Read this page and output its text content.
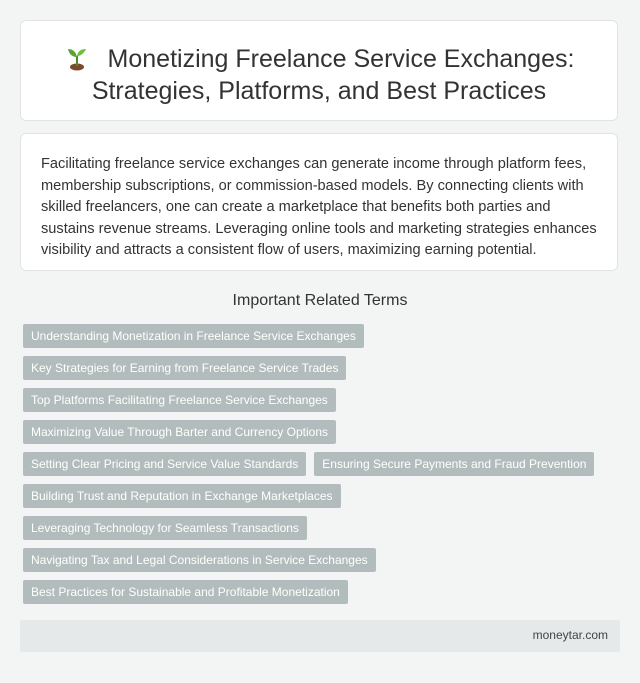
Monetizing Freelance Service Exchanges:
Strategies, Platforms, and Best Practices

Facilitating freelance service exchanges can generate income through platform fees, membership subscriptions, or commission-based models. By connecting clients with skilled freelancers, one can create a marketplace that benefits both parties and sustains revenue streams. Leveraging online tools and marketing strategies enhances visibility and attracts a consistent flow of users, maximizing earning potential.

Important Related Terms
Understanding Monetization in Freelance Service Exchanges
Key Strategies for Earning from Freelance Service Trades
Top Platforms Facilitating Freelance Service Exchanges
Maximizing Value Through Barter and Currency Options
Setting Clear Pricing and Service Value Standards	Ensuring Secure Payments and Fraud Prevention
Building Trust and Reputation in Exchange Marketplaces
Leveraging Technology for Seamless Transactions
Navigating Tax and Legal Considerations in Service Exchanges
Best Practices for Sustainable and Profitable Monetization
moneytar.com
